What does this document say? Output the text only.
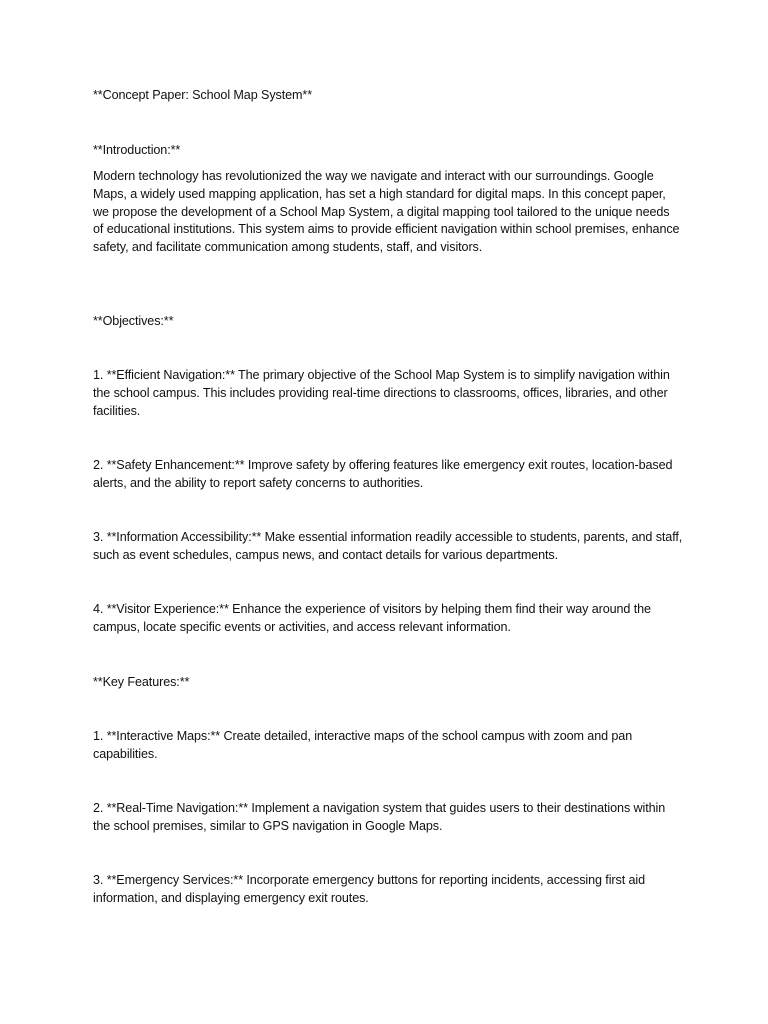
**Concept Paper: School Map System**

**Introduction:**

Modern technology has revolutionized the way we navigate and interact with our surroundings. Google Maps, a widely used mapping application, has set a high standard for digital maps. In this concept paper, we propose the development of a School Map System, a digital mapping tool tailored to the unique needs of educational institutions. This system aims to provide efficient navigation within school premises, enhance safety, and facilitate communication among students, staff, and visitors.

**Objectives:**

1. **Efficient Navigation:** The primary objective of the School Map System is to simplify navigation within the school campus. This includes providing real-time directions to classrooms, offices, libraries, and other facilities.

2. **Safety Enhancement:** Improve safety by offering features like emergency exit routes, location-based alerts, and the ability to report safety concerns to authorities.

3. **Information Accessibility:** Make essential information readily accessible to students, parents, and staff, such as event schedules, campus news, and contact details for various departments.

4. **Visitor Experience:** Enhance the experience of visitors by helping them find their way around the campus, locate specific events or activities, and access relevant information.

**Key Features:**

1. **Interactive Maps:** Create detailed, interactive maps of the school campus with zoom and pan capabilities.

2. **Real-Time Navigation:** Implement a navigation system that guides users to their destinations within the school premises, similar to GPS navigation in Google Maps.

3. **Emergency Services:** Incorporate emergency buttons for reporting incidents, accessing first aid information, and displaying emergency exit routes.
